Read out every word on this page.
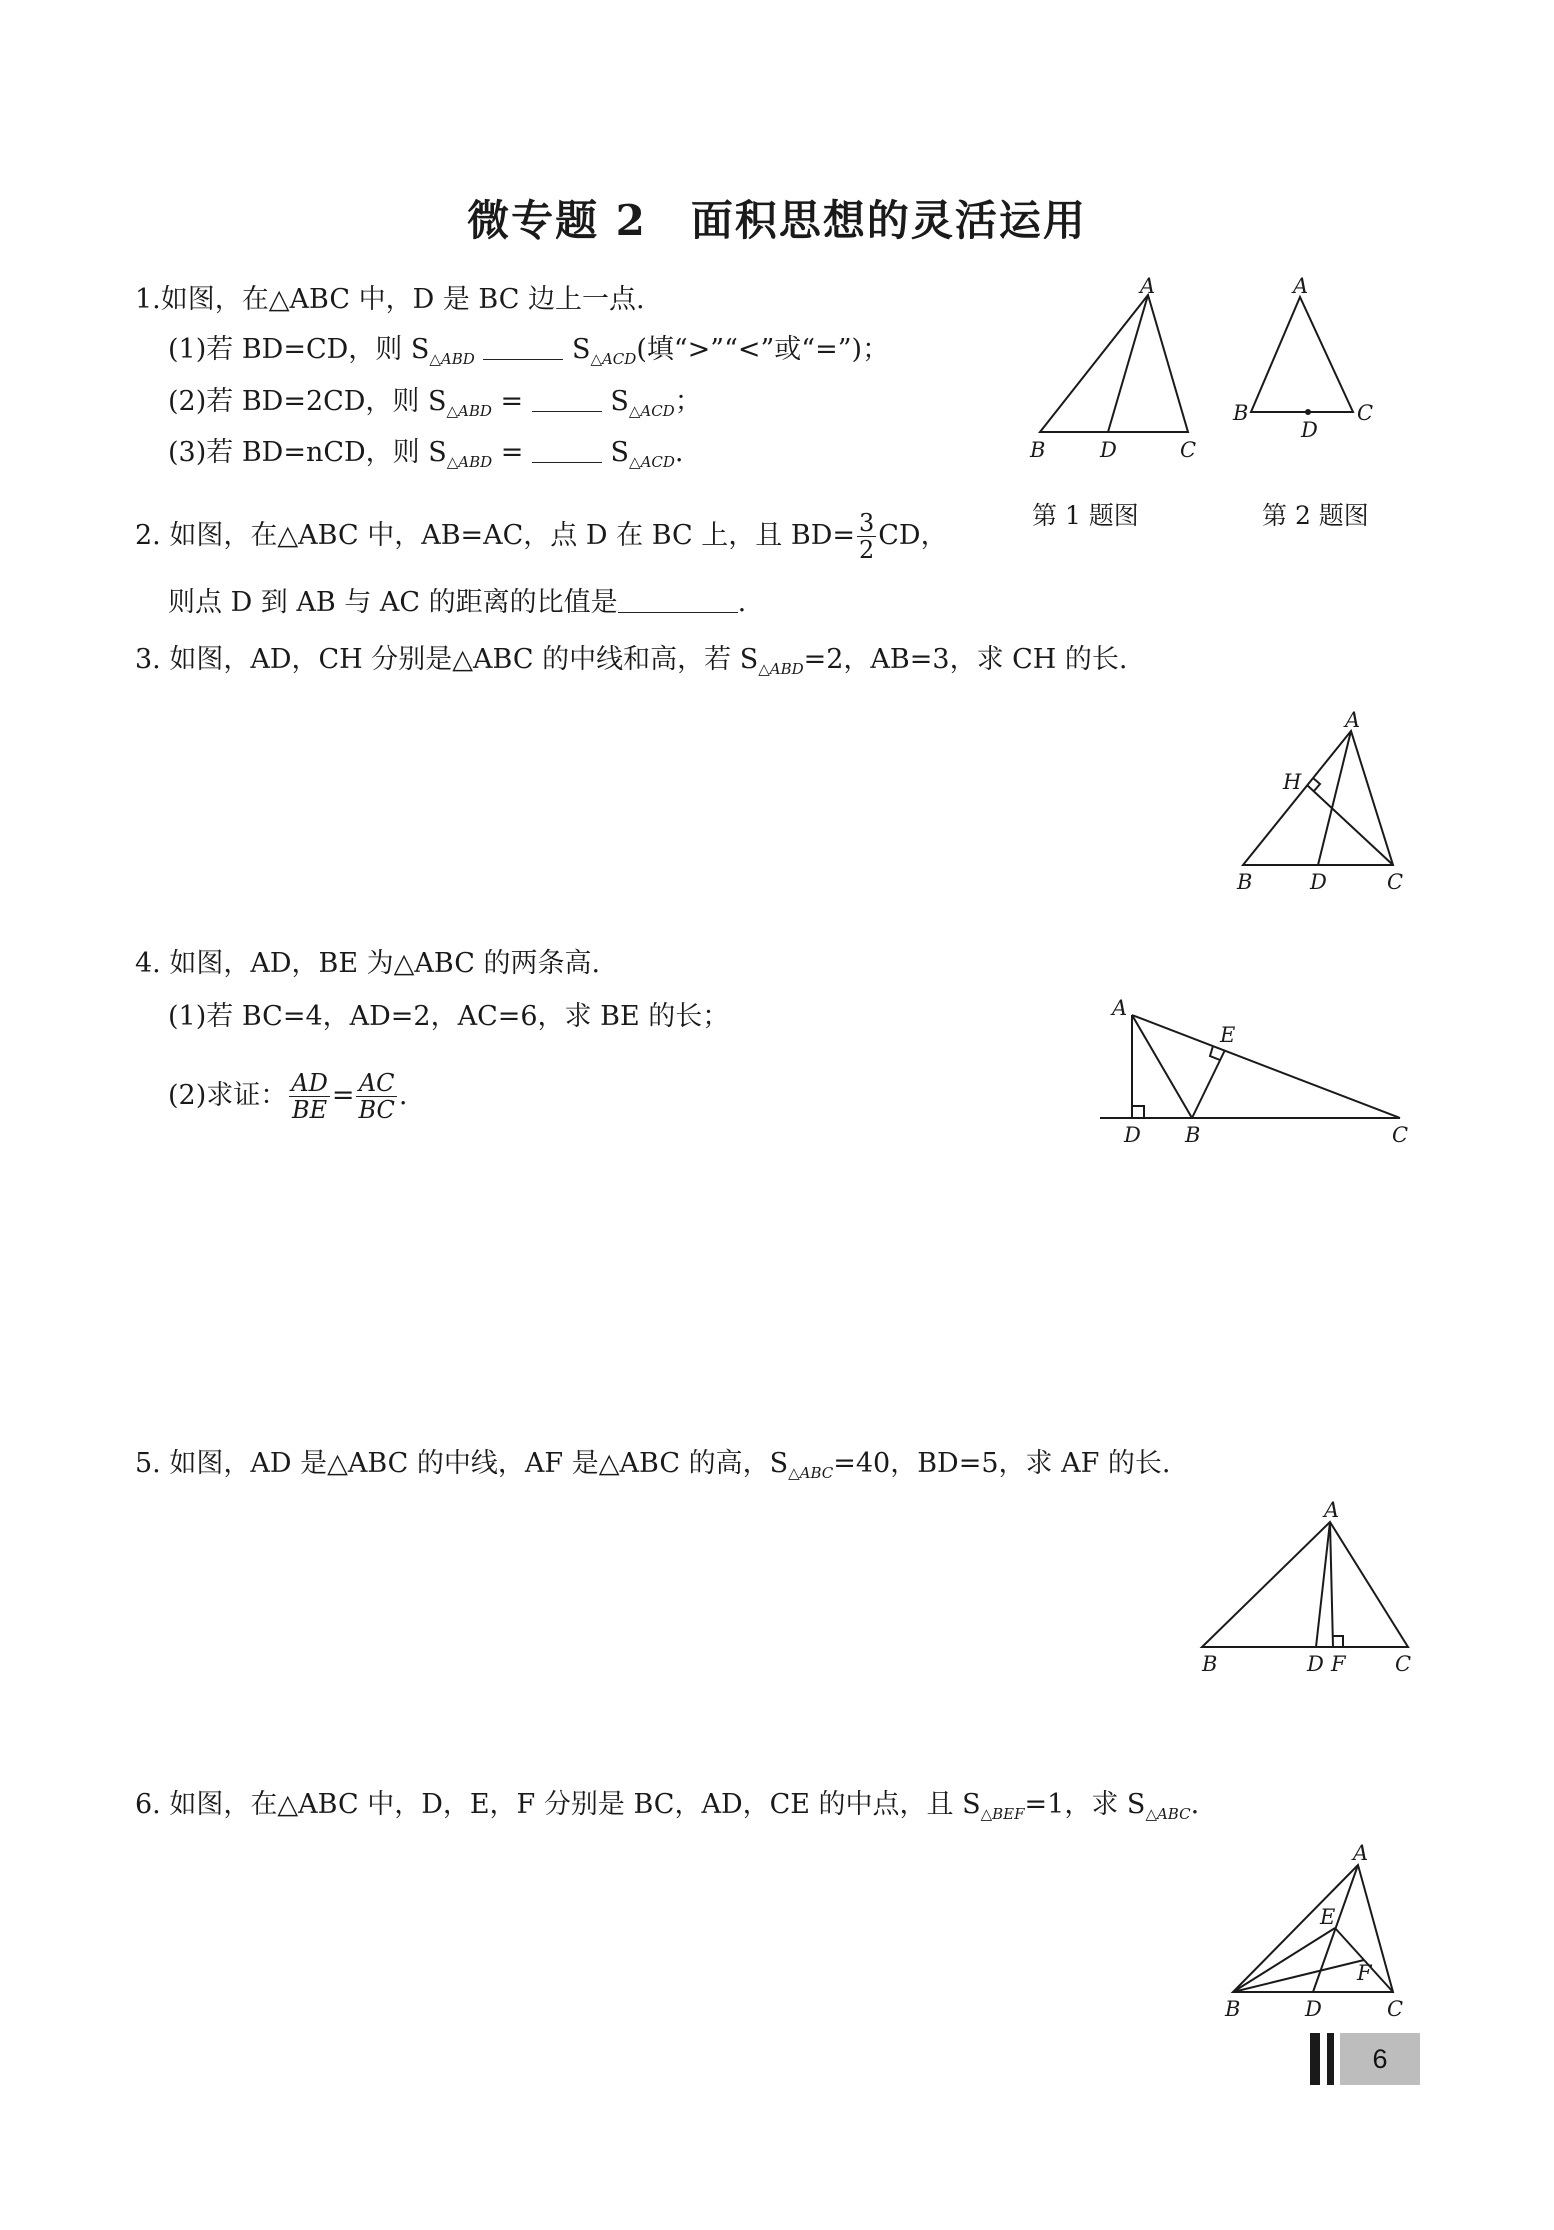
微专题 2　面积思想的灵活运用
1.如图，在△ABC 中，D 是 BC 边上一点.
(1)若 BD=CD，则 $S_{\triangle ABD}$	$S_{\triangle ACD}$(填“>”“<”或“=”)；
(2)若 BD=2CD，则 $S_{\triangle ABD}$ =	$S_{\triangle ACD}$；
(3)若 BD=nCD，则 $S_{\triangle ABD}$ =	$S_{\triangle ACD}$.
2. 如图，在△ABC 中，AB=AC，点 D 在 BC 上，且 $BD= \frac{3}{2}$ CD，
则点 D 到 AB 与 AC 的距离的比值是	.
3. 如图，AD，CH 分别是△ABC 的中线和高，若 $S_{\triangle ABD}=2$，AB=3，求 CH 的长.
4. 如图，AD，BE 为△ABC 的两条高.
(1)若 BC=4，AD=2，AC=6，求 BE 的长；
(2)求证： $\frac{AD}{BE} = \frac{AC}{BC}$ .
5. 如图，AD 是△ABC 的中线，AF 是△ABC 的高，$S_{\triangle ABC}=40$，BD=5，求 AF 的长.
6. 如图，在△ABC 中，D，E，F 分别是 BC，AD，CE 的中点，且 $S_{\triangle BEF}=1$，求 $S_{\triangle ABC}$.
A
B	D	C
第 1 题图
A
B
D
C
第 2 题图
A
H
B	D	C
A
E
D B	C
A
B	D F C
A
E
F
B	D	C
6
